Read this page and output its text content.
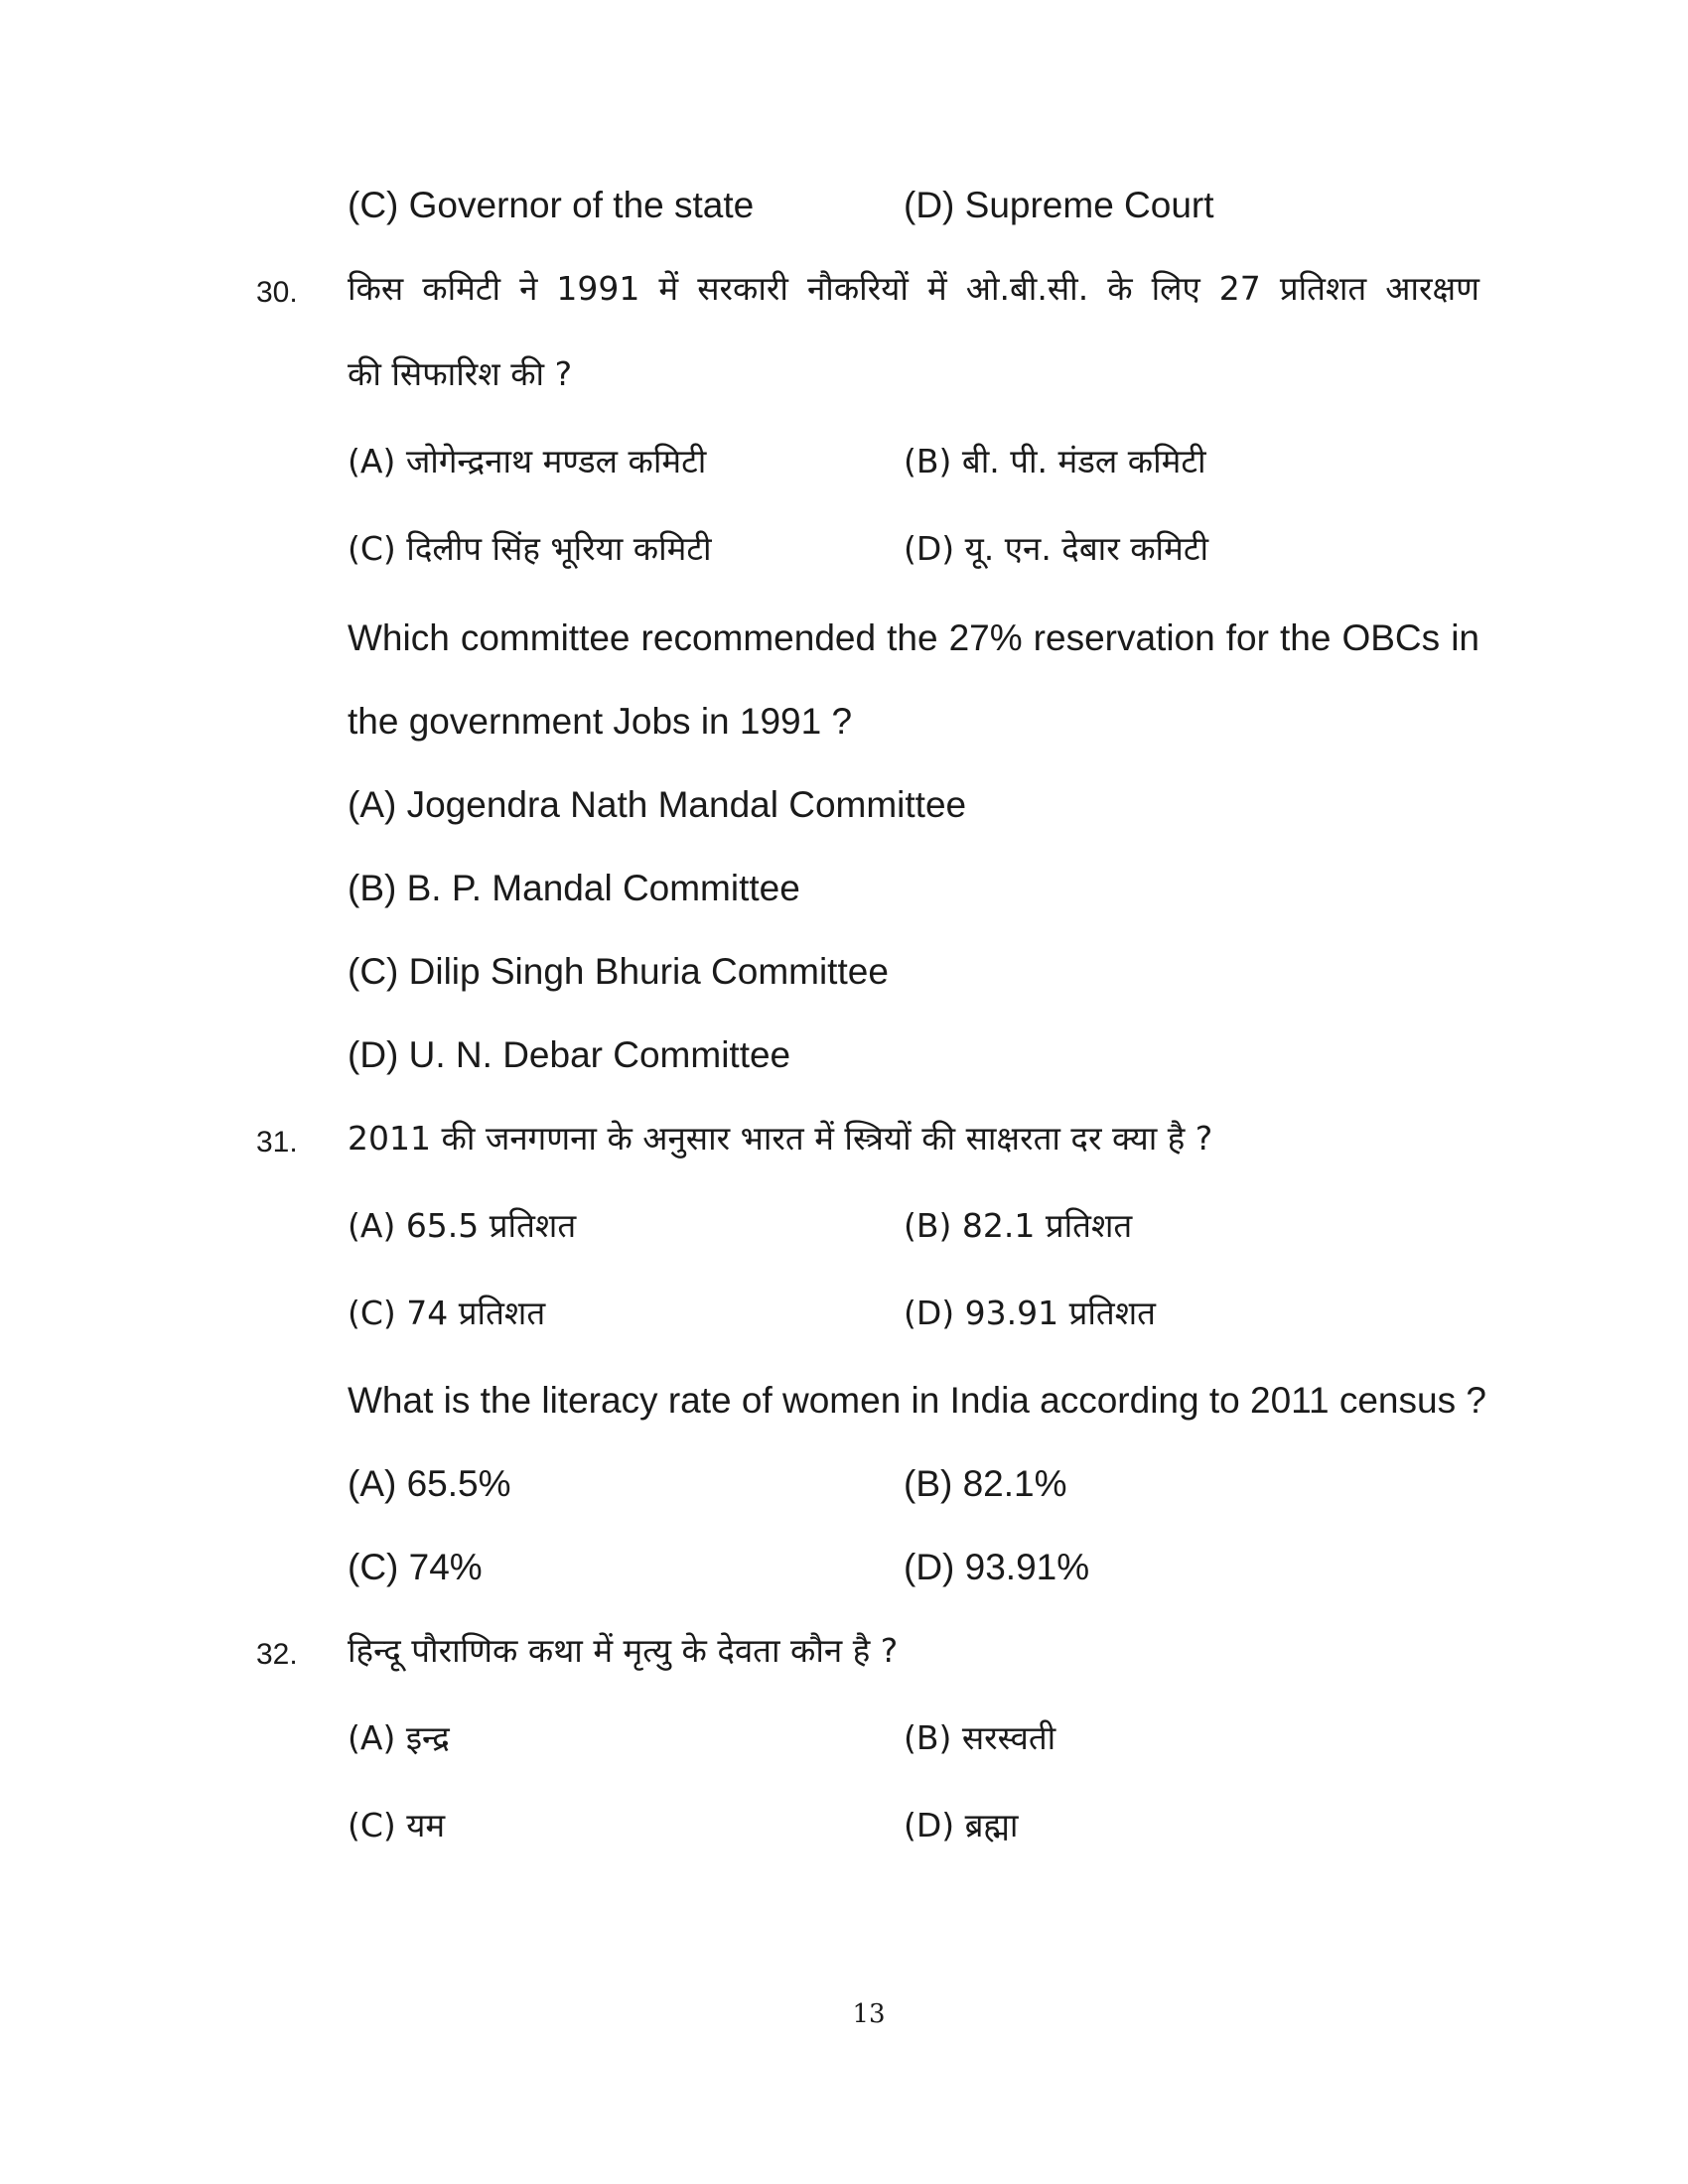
(C) Governor of the state	(D) Supreme Court
30. किस कमिटी ने 1991 में सरकारी नौकरियों में ओ.बी.सी. के लिए 27 प्रतिशत आरक्षण
की सिफारिश की ?
(A) जोगेन्द्रनाथ मण्डल कमिटी	(B) बी. पी. मंडल कमिटी
(C) दिलीप सिंह भूरिया कमिटी	(D) यू. एन. देबार कमिटी
Which committee recommended the 27% reservation for the OBCs in
the government Jobs in 1991 ?
(A) Jogendra Nath Mandal Committee
(B) B. P. Mandal Committee
(C) Dilip Singh Bhuria Committee
(D) U. N. Debar Committee
31. 2011 की जनगणना के अनुसार भारत में स्त्रियों की साक्षरता दर क्या है ?
(A) 65.5 प्रतिशत	(B) 82.1 प्रतिशत
(C) 74 प्रतिशत	(D) 93.91 प्रतिशत
What is the literacy rate of women in India according to 2011 census ?
(A) 65.5%	(B) 82.1%
(C) 74%	(D) 93.91%
32. हिन्दू पौराणिक कथा में मृत्यु के देवता कौन है ?
(A) इन्द्र	(B) सरस्वती
(C) यम	(D) ब्रह्मा
13
